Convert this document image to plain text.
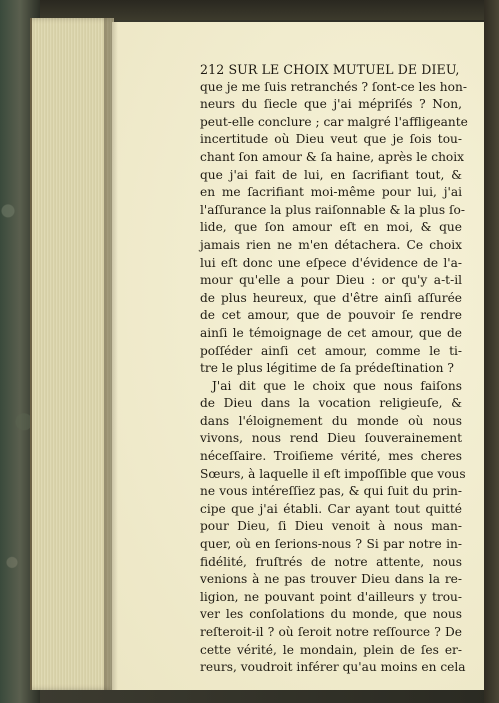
212 SUR LE CHOIX MUTUEL DE DIEU,

que je me ſuis retranchés ? ſont-ce les hon-

neurs du ſiecle que j'ai mépriſés ? Non,

peut-elle conclure ; car malgré l'affligeante

incertitude où Dieu veut que je ſois tou-

chant ſon amour & ſa haine, après le choix

que j'ai fait de lui, en ſacrifiant tout, &

en me ſacrifiant moi-même pour lui, j'ai

l'aſſurance la plus raiſonnable & la plus ſo-

lide, que ſon amour eſt en moi, & que

jamais rien ne m'en détachera. Ce choix

lui eſt donc une eſpece d'évidence de l'a-

mour qu'elle a pour Dieu : or qu'y a-t-il

de plus heureux, que d'être ainſi aſſurée

de cet amour, que de pouvoir ſe rendre

ainſi le témoignage de cet amour, que de

poſſéder ainſi cet amour, comme le ti-

tre le plus légitime de ſa prédeſtination ?

J'ai dit que le choix que nous faiſons

de Dieu dans la vocation religieuſe, &

dans l'éloignement du monde où nous

vivons, nous rend Dieu ſouverainement

néceſſaire. Troiſieme vérité, mes cheres

Sœurs, à laquelle il eſt impoſſible que vous

ne vous intéreſſiez pas, & qui ſuit du prin-

cipe que j'ai établi. Car ayant tout quitté

pour Dieu, ſi Dieu venoit à nous man-

quer, où en ſerions-nous ? Si par notre in-

fidélité, fruſtrés de notre attente, nous

venions à ne pas trouver Dieu dans la re-

ligion, ne pouvant point d'ailleurs y trou-

ver les conſolations du monde, que nous

reſteroit-il ? où ſeroit notre reſſource ? De

cette vérité, le mondain, plein de ſes er-

reurs, voudroit inférer qu'au moins en cela
